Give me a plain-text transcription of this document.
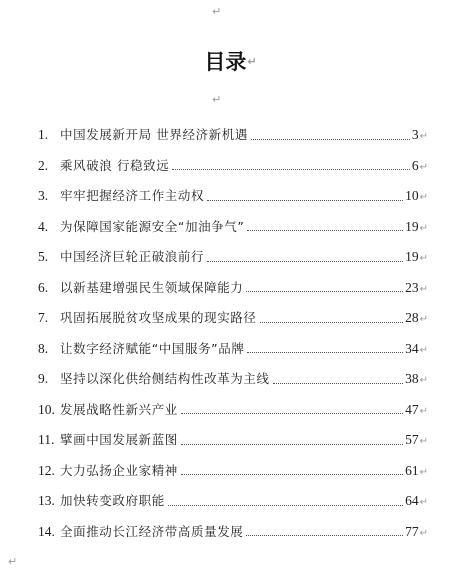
↵
目录↵
↵
1. 中国发展新开局 世界经济新机遇	3 ↵
2. 乘风破浪 行稳致远	6 ↵
3. 牢牢把握经济工作主动权	10 ↵
4. 为保障国家能源安全“加油争气”	19 ↵
5. 中国经济巨轮正破浪前行	19 ↵
6. 以新基建增强民生领域保障能力	23 ↵
7. 巩固拓展脱贫攻坚成果的现实路径	28 ↵
8. 让数字经济赋能“中国服务”品牌	34 ↵
9. 坚持以深化供给侧结构性改革为主线	38 ↵
10. 发展战略性新兴产业	47 ↵
11. 擘画中国发展新蓝图	57 ↵
12. 大力弘扬企业家精神	61 ↵
13. 加快转变政府职能	64 ↵
14. 全面推动长江经济带高质量发展	77 ↵
↵
